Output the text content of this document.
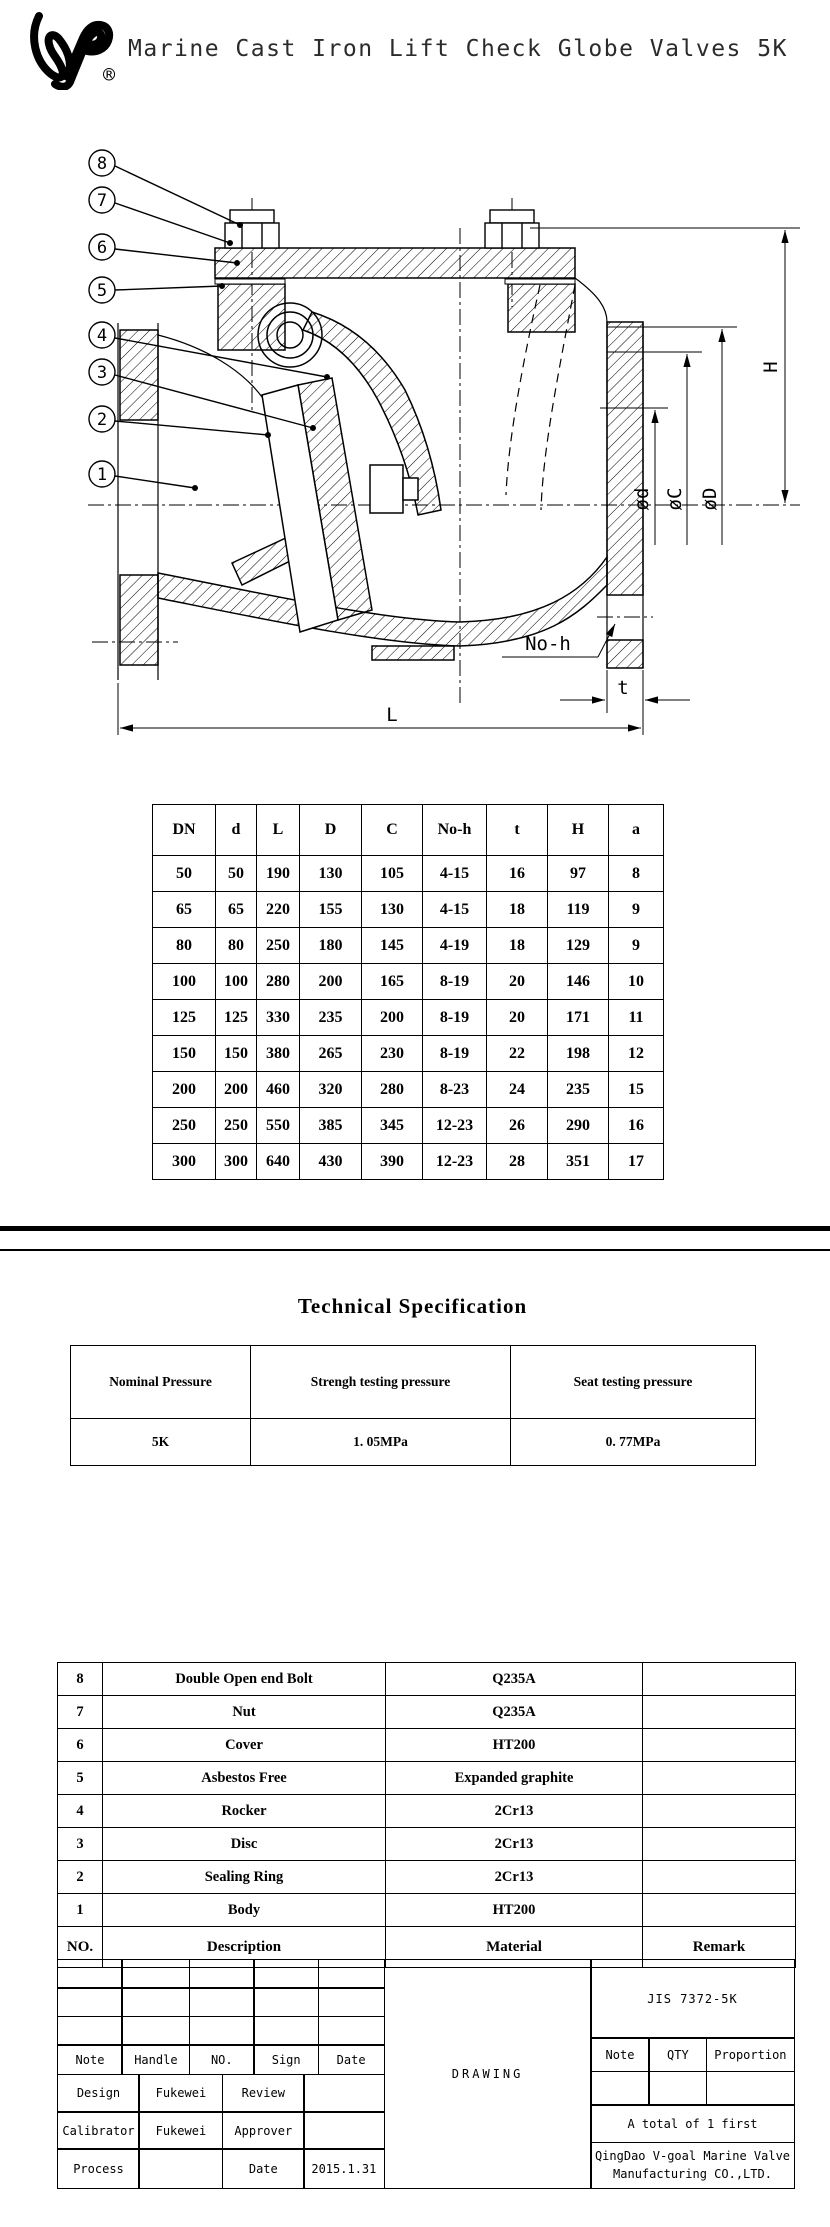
®
Marine Cast Iron Lift Check Globe Valves 5K
8
7
6
5
4
3
2
1
H
øD
øC
ød
No-h
t
L
DN	d	L	D	C	No-h	t	H	a
50	50	190	130	105	4-15	16	97	8
65	65	220	155	130	4-15	18	119	9
80	80	250	180	145	4-19	18	129	9
100	100	280	200	165	8-19	20	146	10
125	125	330	235	200	8-19	20	171	11
150	150	380	265	230	8-19	22	198	12
200	200	460	320	280	8-23	24	235	15
250	250	550	385	345	12-23	26	290	16
300	300	640	430	390	12-23	28	351	17
Technical Specification
Nominal Pressure	Strengh testing pressure	Seat testing pressure
5K	1. 05MPa	0. 77MPa
8	Double Open end Bolt	Q235A	
7	Nut	Q235A	
6	Cover	HT200	
5	Asbestos Free	Expanded graphite	
4	Rocker	2Cr13	
3	Disc	2Cr13	
2	Sealing Ring	2Cr13	
1	Body	HT200	
NO.	Description	Material	Remark
Note	Handle	NO.	Sign	Date
Design	Fukewei	Review
Calibrator	Fukewei	Approver
Process	Date	2015.1.31
DRAWING
JIS 7372-5K
Note	QTY	Proportion
A total of 1 first
QingDao V-goal Marine Valve
Manufacturing CO.,LTD.
